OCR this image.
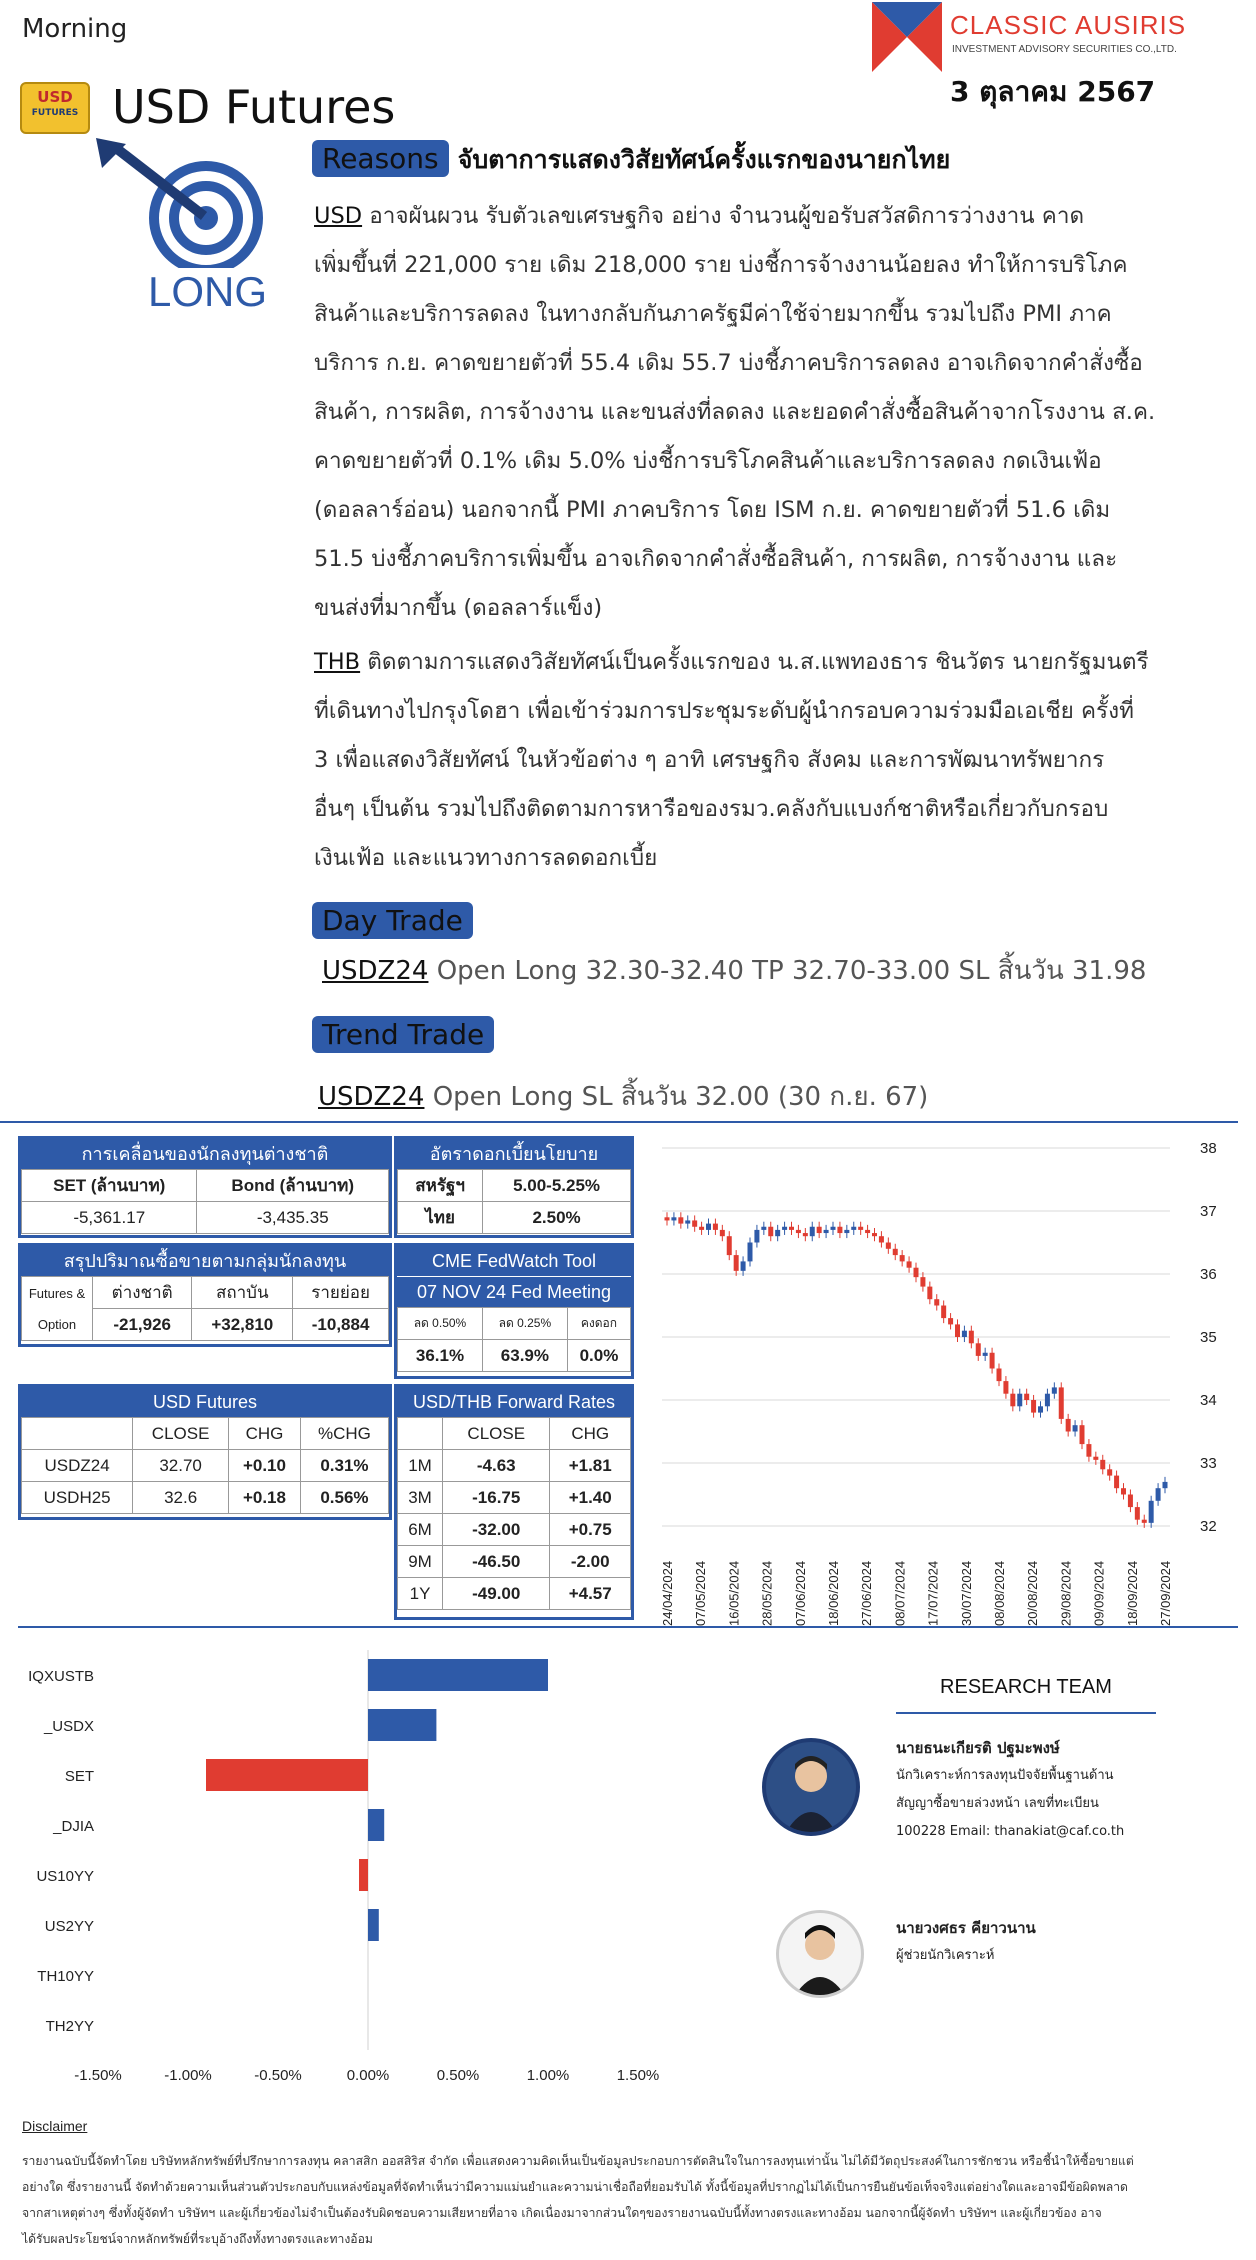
Morning
USD
FUTURES USD Futures
CLASSIC AUSIRIS
INVESTMENT ADVISORY SECURITIES CO.,LTD.
3 ตุลาคม 2567
LONG
Reasons จับตาการแสดงวิสัยทัศน์ครั้งแรกของนายกไทย
USD อาจผันผวน รับตัวเลขเศรษฐกิจ อย่าง จำนวนผู้ขอรับสวัสดิการว่างงาน คาด
เพิ่มขึ้นที่ 221,000 ราย เดิม 218,000 ราย บ่งชี้การจ้างงานน้อยลง ทำให้การบริโภค
สินค้าและบริการลดลง ในทางกลับกันภาครัฐมีค่าใช้จ่ายมากขึ้น รวมไปถึง PMI ภาค
บริการ ก.ย. คาดขยายตัวที่ 55.4 เดิม 55.7 บ่งชี้ภาคบริการลดลง อาจเกิดจากคำสั่งซื้อ
สินค้า, การผลิต, การจ้างงาน และขนส่งที่ลดลง และยอดคำสั่งซื้อสินค้าจากโรงงาน ส.ค.
คาดขยายตัวที่ 0.1% เดิม 5.0% บ่งชี้การบริโภคสินค้าและบริการลดลง กดเงินเฟ้อ
(ดอลลาร์อ่อน) นอกจากนี้ PMI ภาคบริการ โดย ISM ก.ย. คาดขยายตัวที่ 51.6 เดิม
51.5 บ่งชี้ภาคบริการเพิ่มขึ้น อาจเกิดจากคำสั่งซื้อสินค้า, การผลิต, การจ้างงาน และ
ขนส่งที่มากขึ้น (ดอลลาร์แข็ง)
THB ติดตามการแสดงวิสัยทัศน์เป็นครั้งแรกของ น.ส.แพทองธาร ชินวัตร นายกรัฐมนตรี
ที่เดินทางไปกรุงโดฮา เพื่อเข้าร่วมการประชุมระดับผู้นำกรอบความร่วมมือเอเชีย ครั้งที่
3 เพื่อแสดงวิสัยทัศน์ ในหัวข้อต่าง ๆ อาทิ เศรษฐกิจ สังคม และการพัฒนาทรัพยากร
อื่นๆ เป็นต้น รวมไปถึงติดตามการหารือของรมว.คลังกับแบงก์ชาติหรือเกี่ยวกับกรอบ
เงินเฟ้อ และแนวทางการลดดอกเบี้ย
Day Trade
USDZ24 Open Long 32.30-32.40 TP 32.70-33.00 SL สิ้นวัน 31.98
Trend Trade
USDZ24 Open Long SL สิ้นวัน 32.00 (30 ก.ย. 67)
การเคลื่อนของนักลงทุนต่างชาติ
SET (ล้านบาท)	Bond (ล้านบาท)
-5,361.17	-3,435.35
อัตราดอกเบี้ยนโยบาย
สหรัฐฯ	5.00-5.25%
ไทย	2.50%
สรุปปริมาณซื้อขายตามกลุ่มนักลงทุน
Futures &
Option	ต่างชาติ	สถาบัน	รายย่อย
	-21,926	+32,810	-10,884
CME FedWatch Tool
07 NOV 24 Fed Meeting
ลด 0.50%	ลด 0.25%	คงดอก
36.1%	63.9%	0.0%
USD Futures
	CLOSE	CHG	%CHG
USDZ24	32.70	+0.10	0.31%
USDH25	32.6	+0.18	0.56%
USD/THB Forward Rates
	CLOSE	CHG
1M	-4.63	+1.81
3M	-16.75	+1.40
6M	-32.00	+0.75
9M	-46.50	-2.00
1Y	-49.00	+4.57
38
37
36
35
34
33
32
24/04/2024 07/05/2024 16/05/2024 28/05/2024 07/06/2024 18/06/2024 27/06/2024 08/07/2024 17/07/2024 30/07/2024 08/08/2024 20/08/2024 29/08/2024 09/09/2024 18/09/2024 27/09/2024
IQXUSTB
_USDX
SET
_DJIA
US10YY
US2YY
TH10YY
TH2YY
-1.50%	-1.00%	-0.50%	0.00%	0.50%	1.00%	1.50%
RESEARCH TEAM
นายธนะเกียรติ ปฐมะพงษ์
นักวิเคราะห์การลงทุนปัจจัยพื้นฐานด้าน
สัญญาซื้อขายล่วงหน้า เลขที่ทะเบียน
100228 Email: thanakiat@caf.co.th
นายวงศธร คียาวนาน
ผู้ช่วยนักวิเคราะห์
Disclaimer
รายงานฉบับนี้จัดทำโดย บริษัทหลักทรัพย์ที่ปรึกษาการลงทุน คลาสสิก ออสสิริส จำกัด เพื่อแสดงความคิดเห็นเป็นข้อมูลประกอบการตัดสินใจในการลงทุนเท่านั้น ไม่ได้มีวัตถุประสงค์ในการชักชวน หรือชี้นำให้ซื้อขายแต่
อย่างใด ซึ่งรายงานนี้ จัดทำด้วยความเห็นส่วนตัวประกอบกับแหล่งข้อมูลที่จัดทำเห็นว่ามีความแม่นยำและความน่าเชื่อถือที่ยอมรับได้ ทั้งนี้ข้อมูลที่ปรากฏไม่ได้เป็นการยืนยันข้อเท็จจริงแต่อย่างใดและอาจมีข้อผิดพลาด
จากสาเหตุต่างๆ ซึ่งทั้งผู้จัดทำ บริษัทฯ และผู้เกี่ยวข้องไม่จำเป็นต้องรับผิดชอบความเสียหายที่อาจ เกิดเนื่องมาจากส่วนใดๆของรายงานฉบับนี้ทั้งทางตรงและทางอ้อม นอกจากนี้ผู้จัดทำ บริษัทฯ และผู้เกี่ยวข้อง อาจ
ได้รับผลประโยชน์จากหลักทรัพย์ที่ระบุอ้างถึงทั้งทางตรงและทางอ้อม
